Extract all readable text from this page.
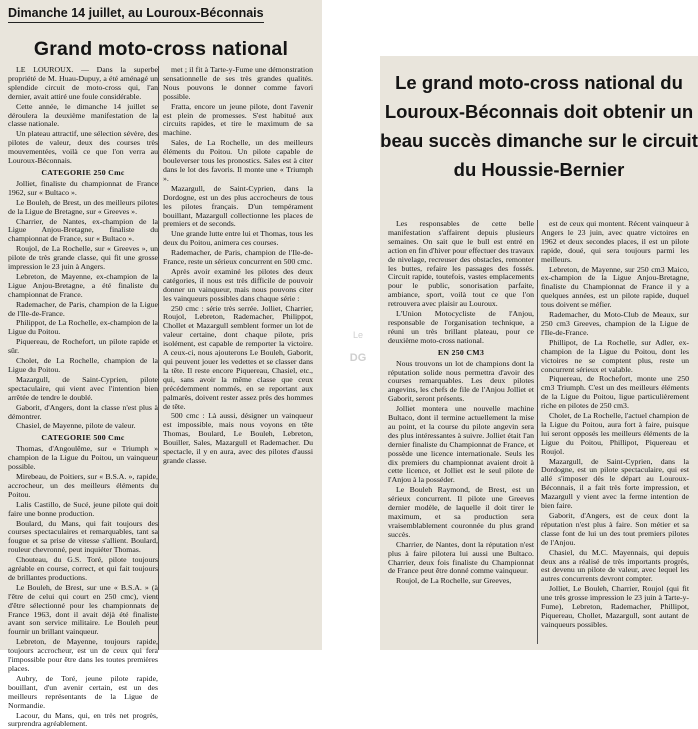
Dimanche 14 juillet, au Louroux-Béconnais
Grand moto-cross national

LE LOUROUX. — Dans la superbe propriété de M. Huau-Dupuy, a été aménagé un splendide circuit de moto-cross qui, l'an dernier, avait attiré une foule considérable.

Cette année, le dimanche 14 juillet se déroulera la deuxième manifestation de la classe nationale.

Un plateau attractif, une sélection sévère, des pilotes de valeur, deux des courses très mouvementées, voilà ce que l'on verra au Louroux-Béconnais.

CATEGORIE 250 Cmc

Jolliet, finaliste du championnat de France 1962, sur « Bultaco ».

Le Bouleh, de Brest, un des meilleurs pilotes de la Ligue de Bretagne, sur « Greeves ».

Charrier, de Nantes, ex-champion de la Ligue Anjou-Bretagne, finaliste du championnat de France, sur « Bultaco ».

Roujol, de La Rochelle, sur « Greeves », un pilote de très grande classe, qui fit une grosse impression le 23 juin à Angers.

Lebreton, de Mayenne, ex-champion de la Ligue Anjou-Bretagne, a été finaliste du championnat de France.

Rademacher, de Paris, champion de la Ligue de l'Ile-de-France.

Philippot, de La Rochelle, ex-champion de la Ligue du Poitou.

Piquereau, de Rochefort, un pilote rapide et sûr.

Cholet, de La Rochelle, champion de la Ligue du Poitou.

Mazargull, de Saint-Cyprien, pilote spectaculaire, qui vient avec l'intention bien arrêtée de tendre le doublé.

Gaborit, d'Angers, dont la classe n'est plus à démontrer.

Chasiel, de Mayenne, pilote de valeur.

CATEGORIE 500 Cmc

Thomas, d'Angoulême, sur « Triumph » champion de la Ligue du Poitou, un vainqueur possible.

Mirebeau, de Poitiers, sur « B.S.A. », rapide, accrocheur, un des meilleurs éléments du Poitou.

Lalis Castillo, de Sucé, jeune pilote qui doit faire une bonne production.

Boulard, du Mans, qui fait toujours des courses spectaculaires et remarquables, tant sa fougue et sa prise de vitesse s'allient. Boulard, rouleur chevronné, peut inquiéter Thomas.

Chouteau, du G.S. Toré, pilote toujours agréable en course, correct, et qui fait toujours de brillantes productions.

Le Bouleh, de Brest, sur une « B.S.A. » (à l'être de celui qui court en 250 cmc), vient d'être sélectionné pour les championnats de France 1963, dont il avait déjà été finaliste avant son service militaire. Le Bouleh peut fournir un brillant vainqueur.

Lebreton, de Mayenne, toujours rapide, toujours accrocheur, est un de ceux qui fera l'impossible pour être dans les toutes premières places.

Aubry, de Toré, jeune pilote rapide, bouillant, d'un avenir certain, est un des meilleurs représentants de la Ligue de Normandie.

Lacour, du Mans, qui, en très net progrès, surprendra agréablement.

met ; il fit à Tarte-y-Fume une démonstration sensationnelle de ses très grandes qualités. Nous pouvons le donner comme favori possible.

Fratta, encore un jeune pilote, dont l'avenir est plein de promesses. S'est habitué aux circuits rapides, et tire le maximum de sa machine.

Sales, de La Rochelle, un des meilleurs éléments du Poitou. Un pilote capable de bouleverser tous les pronostics. Sales est à citer dans le lot des favoris. Il monte une « Triumph ».

Mazargull, de Saint-Cyprien, dans la Dordogne, est un des plus accrocheurs de tous les pilotes français. D'un tempérament bouillant, Mazargull collectionne les places de premiers et de seconds.

Une grande lutte entre lui et Thomas, tous les deux du Poitou, animera ces courses.

Rademacher, de Paris, champion de l'Ile-de-France, reste un sérieux concurrent en 500 cmc.

Après avoir examiné les pilotes des deux catégories, il nous est très difficile de pouvoir donner un vainqueur, mais nous pouvons citer les vainqueurs possibles dans chaque série :

250 cmc : série très serrée. Jolliet, Charrier, Roujol, Lebreton, Rademacher, Philippot, Chollet et Mazargull semblent former un lot de valeur certaine, dont chaque pilote, pris isolément, est capable de remporter la victoire. A ceux-ci, nous ajouterons Le Bouleh, Gaborit, qui peuvent jouer les vedettes et se classer dans la tête. Il reste encore Piquereau, Chasiel, etc., qui, sans avoir la même classe que ceux précédemment nommés, en se reportant aux palmarès, doivent rester assez près des hommes de tête.

500 cmc : Là aussi, désigner un vainqueur est impossible, mais nous voyons en tête Thomas, Boulard, Le Bouleh, Lebreton, Bouiller, Sales, Mazargull et Rademacher. Du spectacle, il y en aura, avec des pilotes d'aussi grande classe.

Le
DG
Le grand moto-cross national du Louroux-Béconnais doit obtenir un beau succès dimanche sur le circuit du Houssie-Bernier

Les responsables de cette belle manifestation s'affairent depuis plusieurs semaines. On sait que le bull est entré en action en fin d'hiver pour effectuer des travaux de nivelage, recreuser des obstacles, remonter les buttes, refaire les passages des fossés. Circuit rapide, toutefois, vastes emplacements pour le public, sonorisation parfaite, ambiance, sport, voilà tout ce que l'on retrouvera avec plaisir au Louroux.

L'Union Motocycliste de l'Anjou, responsable de l'organisation technique, a réuni un très brillant plateau, pour ce deuxième moto-cross national.

EN 250 CM3

Nous trouvons un lot de champions dont la réputation solide nous permettra d'avoir des courses remarquables. Les deux pilotes angevins, les chefs de file de l'Anjou Jolliet et Gaborit, seront présents.

Jolliet montera une nouvelle machine Bultaco, dont il termine actuellement la mise au point, et la course du pilote angevin sera des plus intéressantes à suivre. Jolliet était l'an dernier finaliste du Championnat de France, et possède une licence internationale. Seuls les dix premiers du championnat avaient droit à cette licence, et Jolliet est le seul pilote de l'Anjou à la posséder.

Le Bouleh Raymond, de Brest, est un sérieux concurrent. Il pilote une Greeves dernier modèle, de laquelle il doit tirer le maximum, et sa production sera vraisemblablement couronnée du plus grand succès.

Charrier, de Nantes, dont la réputation n'est plus à faire pilotera lui aussi une Bultaco. Charrier, deux fois finaliste du Championnat de France peut être donné comme vainqueur.

Roujol, de La Rochelle, sur Greeves,

est de ceux qui montent. Récent vainqueur à Angers le 23 juin, avec quatre victoires en 1962 et deux secondes places, il est un pilote rapide, doué, qui sera toujours parmi les meilleurs.

Lebreton, de Mayenne, sur 250 cm3 Maico, ex-champion de la Ligue Anjou-Bretagne, finaliste du Championnat de France il y a quelques années, est un pilote rapide, duquel tous doivent se méfier.

Rademacher, du Moto-Club de Meaux, sur 250 cm3 Greeves, champion de la Ligue de l'Ile-de-France.

Phillipot, de La Rochelle, sur Adler, ex-champion de la Ligue du Poitou, dont les victoires ne se comptent plus, reste un concurrent sérieux et valable.

Piquereau, de Rochefort, monte une 250 cm3 Triumph. C'est un des meilleurs éléments de la Ligue du Poitou, ligue particulièrement riche en pilotes de 250 cm3.

Cholet, de La Rochelle, l'actuel champion de la Ligue du Poitou, aura fort à faire, puisque lui seront opposés les meilleurs éléments de la Ligue du Poitou, Phillipot, Piquereau et Roujol.

Mazargull, de Saint-Cyprien, dans la Dordogne, est un pilote spectaculaire, qui est allé s'imposer dès le départ au Louroux-Béconnais, il a fait très forte impression, et Mazargull y vient avec la ferme intention de bien faire.

Gaborit, d'Angers, est de ceux dont la réputation n'est plus à faire. Son métier et sa classe font de lui un des tout premiers pilotes de l'Anjou.

Chasiel, du M.C. Mayennais, qui depuis deux ans a réalisé de très importants progrès, est devenu un pilote de valeur, avec lequel les autres concurrents devront compter.

Jolliet, Le Bouleh, Charrier, Roujol (qui fit une très grosse impression le 23 juin à Tarte-y-Fume), Lebreton, Rademacher, Phillipot, Piquereau, Chollet, Mazargull, sont autant de vainqueurs possibles.
